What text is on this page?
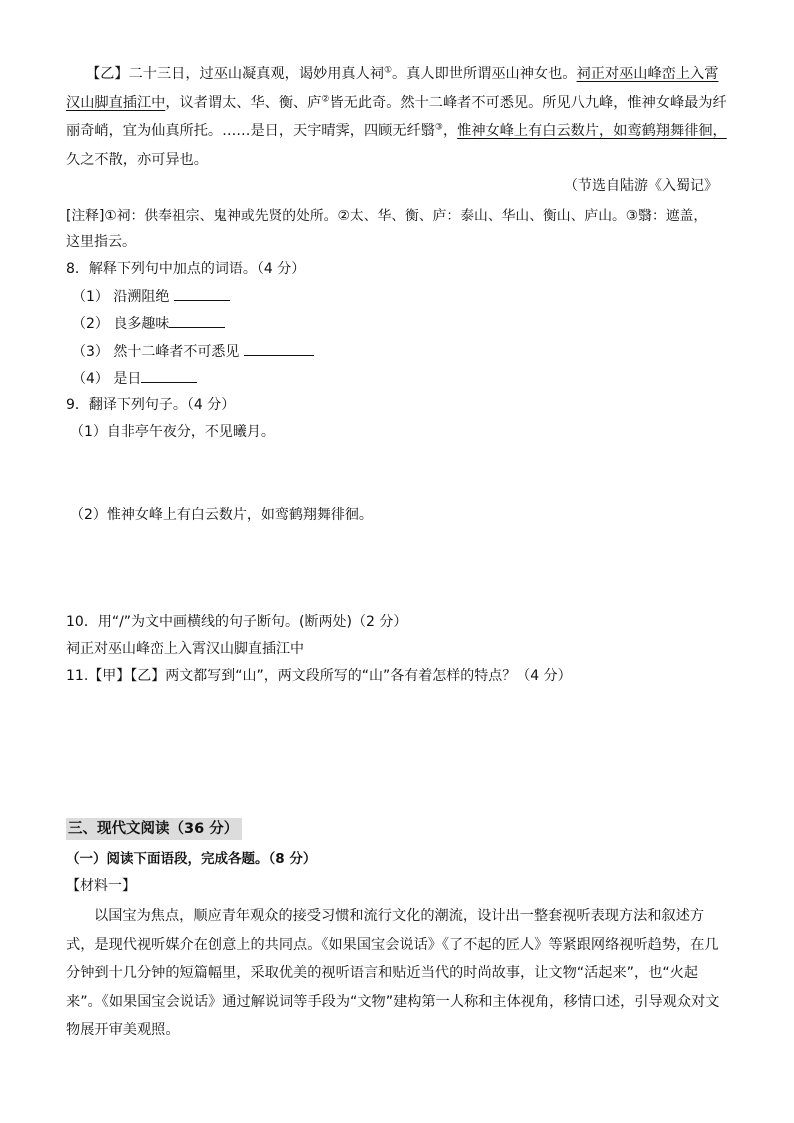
【乙】二十三日，过巫山凝真观，谒妙用真人祠①。真人即世所谓巫山神女也。祠正对巫山峰峦上入霄
汉山脚直插江中，议者谓太、华、衡、庐②皆无此奇。然十二峰者不可悉见。所见八九峰，惟神女峰最为纤
丽奇峭，宜为仙真所托。……是日，天宇晴霁，四顾无纤翳③，惟神女峰上有白云数片，如鸾鹤翔舞徘徊，
久之不散，亦可异也。
（节选自陆游《入蜀记》
[注释]①祠：供奉祖宗、鬼神或先贤的处所。②太、华、衡、庐：泰山、华山、衡山、庐山。③翳：遮盖，
这里指云。
8．解释下列句中加点的词语。（4 分）
（1） 沿溯阻绝
（2） 良多趣味
（3） 然十二峰者不可悉见
（4） 是日
9．翻译下列句子。（4 分）
（1）自非亭午夜分，不见曦月。
（2）惟神女峰上有白云数片，如鸾鹤翔舞徘徊。
10．用“/”为文中画横线的句子断句。(断两处)（2 分）
祠正对巫山峰峦上入霄汉山脚直插江中
11.【甲】【乙】两文都写到“山”，两文段所写的“山”各有着怎样的特点？（4 分）
三、现代文阅读（36 分）
（一）阅读下面语段，完成各题。（8 分）
【材料一】
以国宝为焦点，顺应青年观众的接受习惯和流行文化的潮流，设计出一整套视听表现方法和叙述方式，是现代视听媒介在创意上的共同点。《如果国宝会说话》《了不起的匠人》等紧跟网络视听趋势，在几分钟到十几分钟的短篇幅里，采取优美的视听语言和贴近当代的时尚故事，让文物“活起来”，也“火起来”。《如果国宝会说话》通过解说词等手段为“文物”建构第一人称和主体视角，移情口述，引导观众对文物展开审美观照。
